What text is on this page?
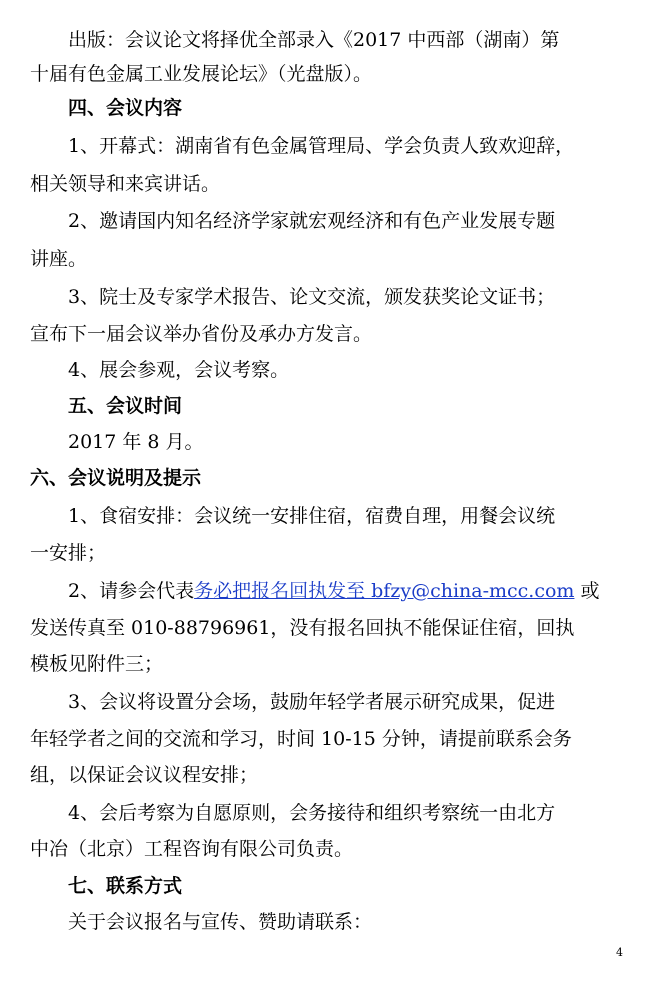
出版：会议论文将择优全部录入《2017 中西部（湖南）第
十届有色金属工业发展论坛》（光盘版）。
四、会议内容
1、开幕式：湖南省有色金属管理局、学会负责人致欢迎辞，
相关领导和来宾讲话。
2、邀请国内知名经济学家就宏观经济和有色产业发展专题
讲座。
3、院士及专家学术报告、论文交流，颁发获奖论文证书；
宣布下一届会议举办省份及承办方发言。
4、展会参观，会议考察。
五、会议时间
2017 年 8 月。
六、会议说明及提示
1、食宿安排：会议统一安排住宿，宿费自理，用餐会议统
一安排；
2、请参会代表务必把报名回执发至 bfzy@china-mcc.com 或
发送传真至 010-88796961，没有报名回执不能保证住宿，回执
模板见附件三；
3、会议将设置分会场，鼓励年轻学者展示研究成果，促进
年轻学者之间的交流和学习，时间 10-15 分钟，请提前联系会务
组，以保证会议议程安排；
4、会后考察为自愿原则，会务接待和组织考察统一由北方
中冶（北京）工程咨询有限公司负责。
七、联系方式
关于会议报名与宣传、赞助请联系：
4
